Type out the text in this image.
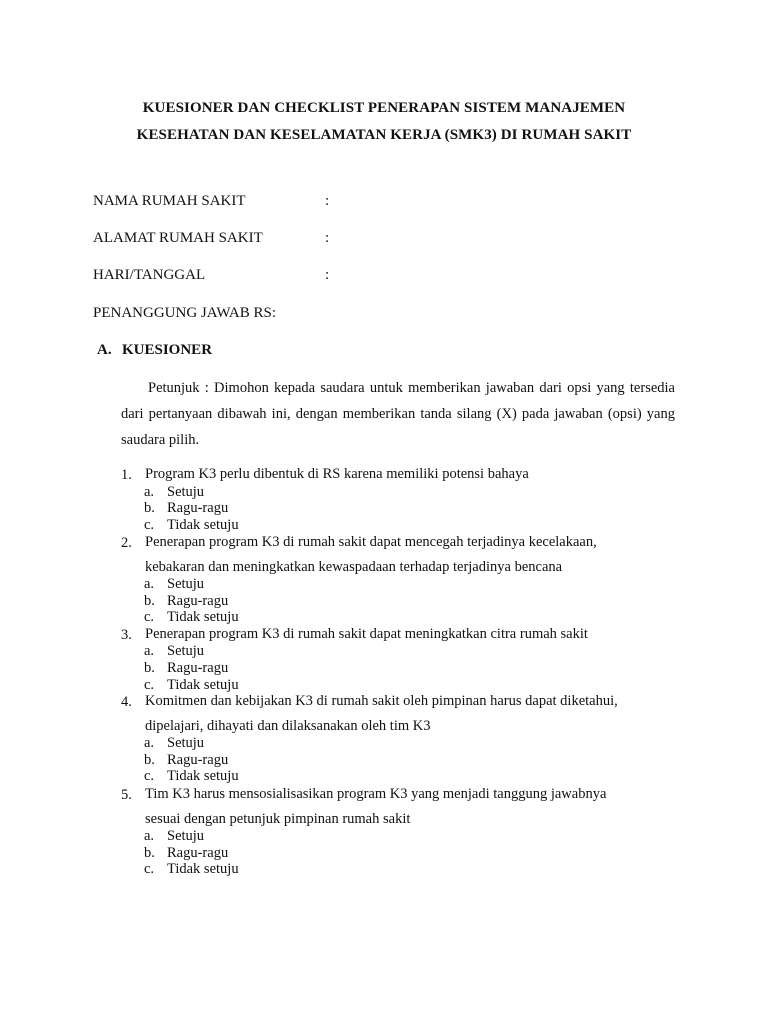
KUESIONER DAN CHECKLIST PENERAPAN SISTEM MANAJEMEN
KESEHATAN DAN KESELAMATAN KERJA (SMK3) DI RUMAH SAKIT
NAMA RUMAH SAKIT	:
ALAMAT RUMAH SAKIT	:
HARI/TANGGAL	:
PENANGGUNG JAWAB RS:
A. KUESIONER
Petunjuk : Dimohon kepada saudara untuk memberikan jawaban dari opsi yang tersedia dari pertanyaan dibawah ini, dengan memberikan tanda silang (X) pada jawaban (opsi) yang saudara pilih.
1. Program K3 perlu dibentuk di RS karena memiliki potensi bahaya
a. Setuju
b. Ragu-ragu
c. Tidak setuju
2. Penerapan program K3 di rumah sakit dapat mencegah terjadinya kecelakaan,
kebakaran dan meningkatkan kewaspadaan terhadap terjadinya bencana
a. Setuju
b. Ragu-ragu
c. Tidak setuju
3. Penerapan program K3 di rumah sakit dapat meningkatkan citra rumah sakit
a. Setuju
b. Ragu-ragu
c. Tidak setuju
4. Komitmen dan kebijakan K3 di rumah sakit oleh pimpinan harus dapat diketahui,
dipelajari, dihayati dan dilaksanakan oleh tim K3
a. Setuju
b. Ragu-ragu
c. Tidak setuju
5. Tim K3 harus mensosialisasikan program K3 yang menjadi tanggung jawabnya
sesuai dengan petunjuk pimpinan rumah sakit
a. Setuju
b. Ragu-ragu
c. Tidak setuju
